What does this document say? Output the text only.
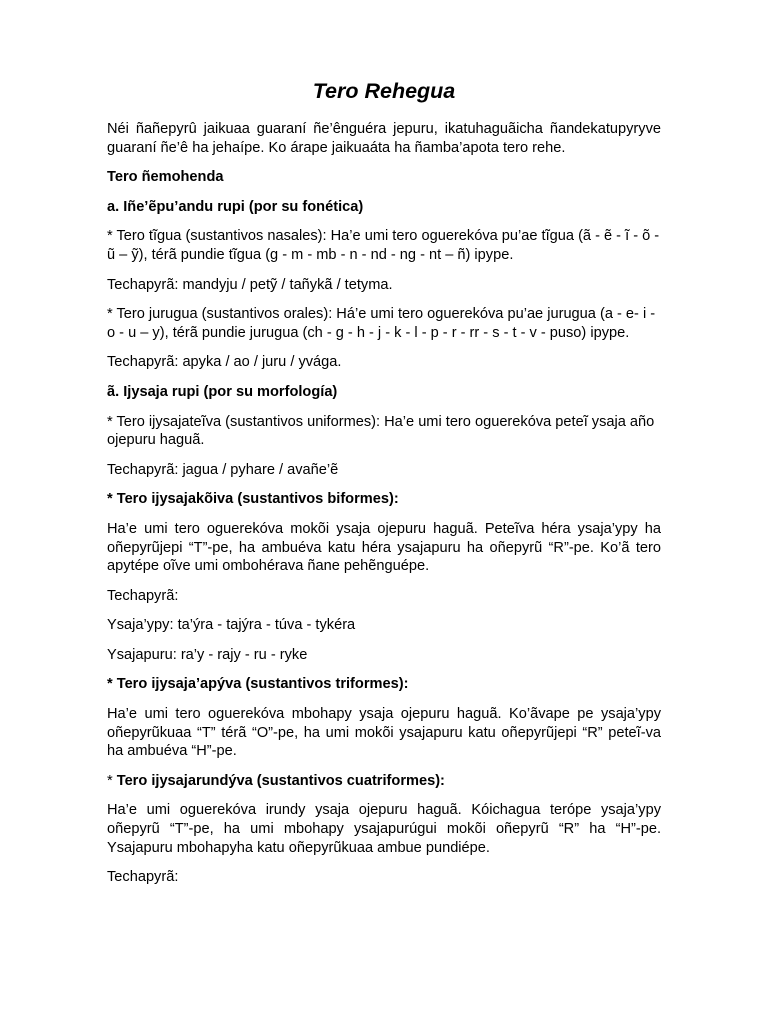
Tero Rehegua

Néi ñañepyrû jaikuaa guaraní ñe’ênguéra jepuru, ikatuhaguãicha ñandekatupyryve guaraní ñe’ê ha jehaípe. Ko árape jaikuaáta ha ñamba’apota tero rehe.

Tero ñemohenda

a. Iñe’ẽpu’andu rupi (por su fonética)

* Tero tĩgua (sustantivos nasales): Ha’e umi tero oguerekóva pu’ae tĩgua (ã - ẽ - ĩ - õ - ũ – ỹ), térã pundie tĩgua (g - m - mb - n - nd - ng - nt – ñ) ipype.

Techapyrã: mandyju / petỹ / tañykã / tetyma.

* Tero jurugua (sustantivos orales): Há’e umi tero oguerekóva pu’ae jurugua (a - e- i - o - u – y), térã pundie jurugua (ch - g - h - j - k - l - p - r - rr - s - t - v - puso) ipype.

Techapyrã: apyka / ao / juru / yvága.

ã. Ijysaja rupi (por su morfología)

* Tero ijysajateĩva (sustantivos uniformes): Ha’e umi tero oguerekóva peteĩ ysaja año ojepuru haguã.

Techapyrã: jagua / pyhare / avañe’ẽ

* Tero ijysajakõiva (sustantivos biformes):

Ha’e umi tero oguerekóva mokõi ysaja ojepuru haguã. Peteĩva héra ysaja’ypy ha oñepyrũjepi “T”-pe, ha ambuéva katu héra ysajapuru ha oñepyrũ “R”-pe. Ko’ã tero apytépe oĩve umi ombohérava ñane pehẽnguépe.

Techapyrã:

Ysaja’ypy: ta’ýra - tajýra - túva - tykéra

Ysajapuru: ra’y - rajy - ru - ryke

* Tero ijysaja’apýva (sustantivos triformes):

Ha’e umi tero oguerekóva mbohapy ysaja ojepuru haguã. Ko’ãvape pe ysaja’ypy oñepyrũkuaa “T” térã “O”-pe, ha umi mokõi ysajapuru katu oñepyrũjepi “R” peteĩ-va ha ambuéva “H”-pe.

* Tero ijysajarundýva (sustantivos cuatriformes):

Ha’e umi oguerekóva irundy ysaja ojepuru haguã. Kóichagua terópe ysaja’ypy oñepyrũ “T”-pe, ha umi mbohapy ysajapurúgui mokõi oñepyrũ “R” ha “H”-pe. Ysajapuru mbohapyha katu oñepyrũkuaa ambue pundiépe.

Techapyrã:
